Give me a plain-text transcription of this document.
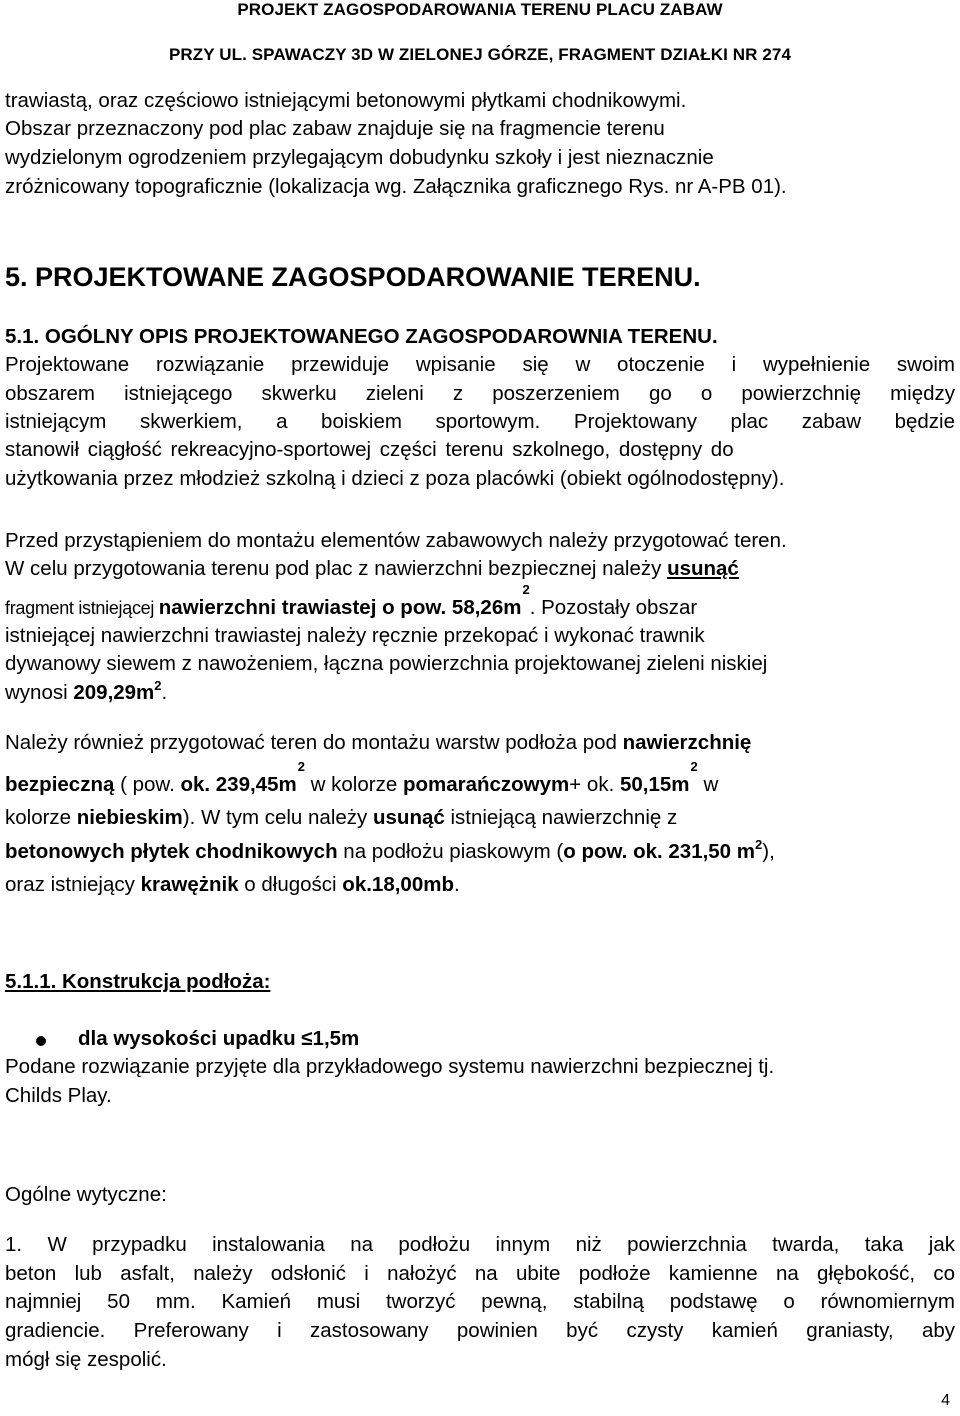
PROJEKT ZAGOSPODAROWANIA TERENU PLACU ZABAW
PRZY UL. SPAWACZY 3D W ZIELONEJ GÓRZE, FRAGMENT DZIAŁKI NR 274
trawiastą, oraz częściowo istniejącymi betonowymi płytkami chodnikowymi.
Obszar przeznaczony pod plac zabaw znajduje się na fragmencie terenu
wydzielonym ogrodzeniem przylegającym dobudynku szkoły i jest nieznacznie
zróżnicowany topograficznie (lokalizacja wg. Załącznika graficznego Rys. nr A-PB 01).
5. PROJEKTOWANE ZAGOSPODAROWANIE TERENU.
5.1. OGÓLNY OPIS PROJEKTOWANEGO ZAGOSPODAROWNIA TERENU.
Projektowane rozwiązanie przewiduje wpisanie się w otoczenie i wypełnienie swoim
obszarem istniejącego skwerku zieleni z poszerzeniem go o powierzchnię między
istniejącym skwerkiem, a boiskiem sportowym. Projektowany plac zabaw będzie
stanowił ciągłość rekreacyjno-sportowej części terenu szkolnego, dostępny do
użytkowania przez młodzież szkolną i dzieci z poza placówki (obiekt ogólnodostępny).
Przed przystąpieniem do montażu elementów zabawowych należy przygotować teren.
W celu przygotowania terenu pod plac z nawierzchni bezpiecznej należy usunąć
fragment istniejącej nawierzchni trawiastej o pow. $58,26m^2$. Pozostały obszar
istniejącej nawierzchni trawiastej należy ręcznie przekopać i wykonać trawnik
dywanowy siewem z nawożeniem, łączna powierzchnia projektowanej zieleni niskiej
wynosi $209,29m^2$.
Należy również przygotować teren do montażu warstw podłoża pod nawierzchnię
bezpieczną ( pow. ok. $239,45m^2$ w kolorze pomarańczowym+ ok. $50,15m^2$ w
kolorze niebieskim). W tym celu należy usunąć istniejącą nawierzchnię z
betonowych płytek chodnikowych na podłożu piaskowym (o pow. ok. 231,50 $m^2$),
oraz istniejący krawężnik o długości ok.18,00mb.
5.1.1. Konstrukcja podłoża:
dla wysokości upadku ≤1,5m
Podane rozwiązanie przyjęte dla przykładowego systemu nawierzchni bezpiecznej tj.
Childs Play.
Ogólne wytyczne:
1. W przypadku instalowania na podłożu innym niż powierzchnia twarda, taka jak
beton lub asfalt, należy odsłonić i nałożyć na ubite podłoże kamienne na głębokość, co
najmniej 50 mm. Kamień musi tworzyć pewną, stabilną podstawę o równomiernym
gradiencie. Preferowany i zastosowany powinien być czysty kamień graniasty, aby
mógł się zespolić.
4
